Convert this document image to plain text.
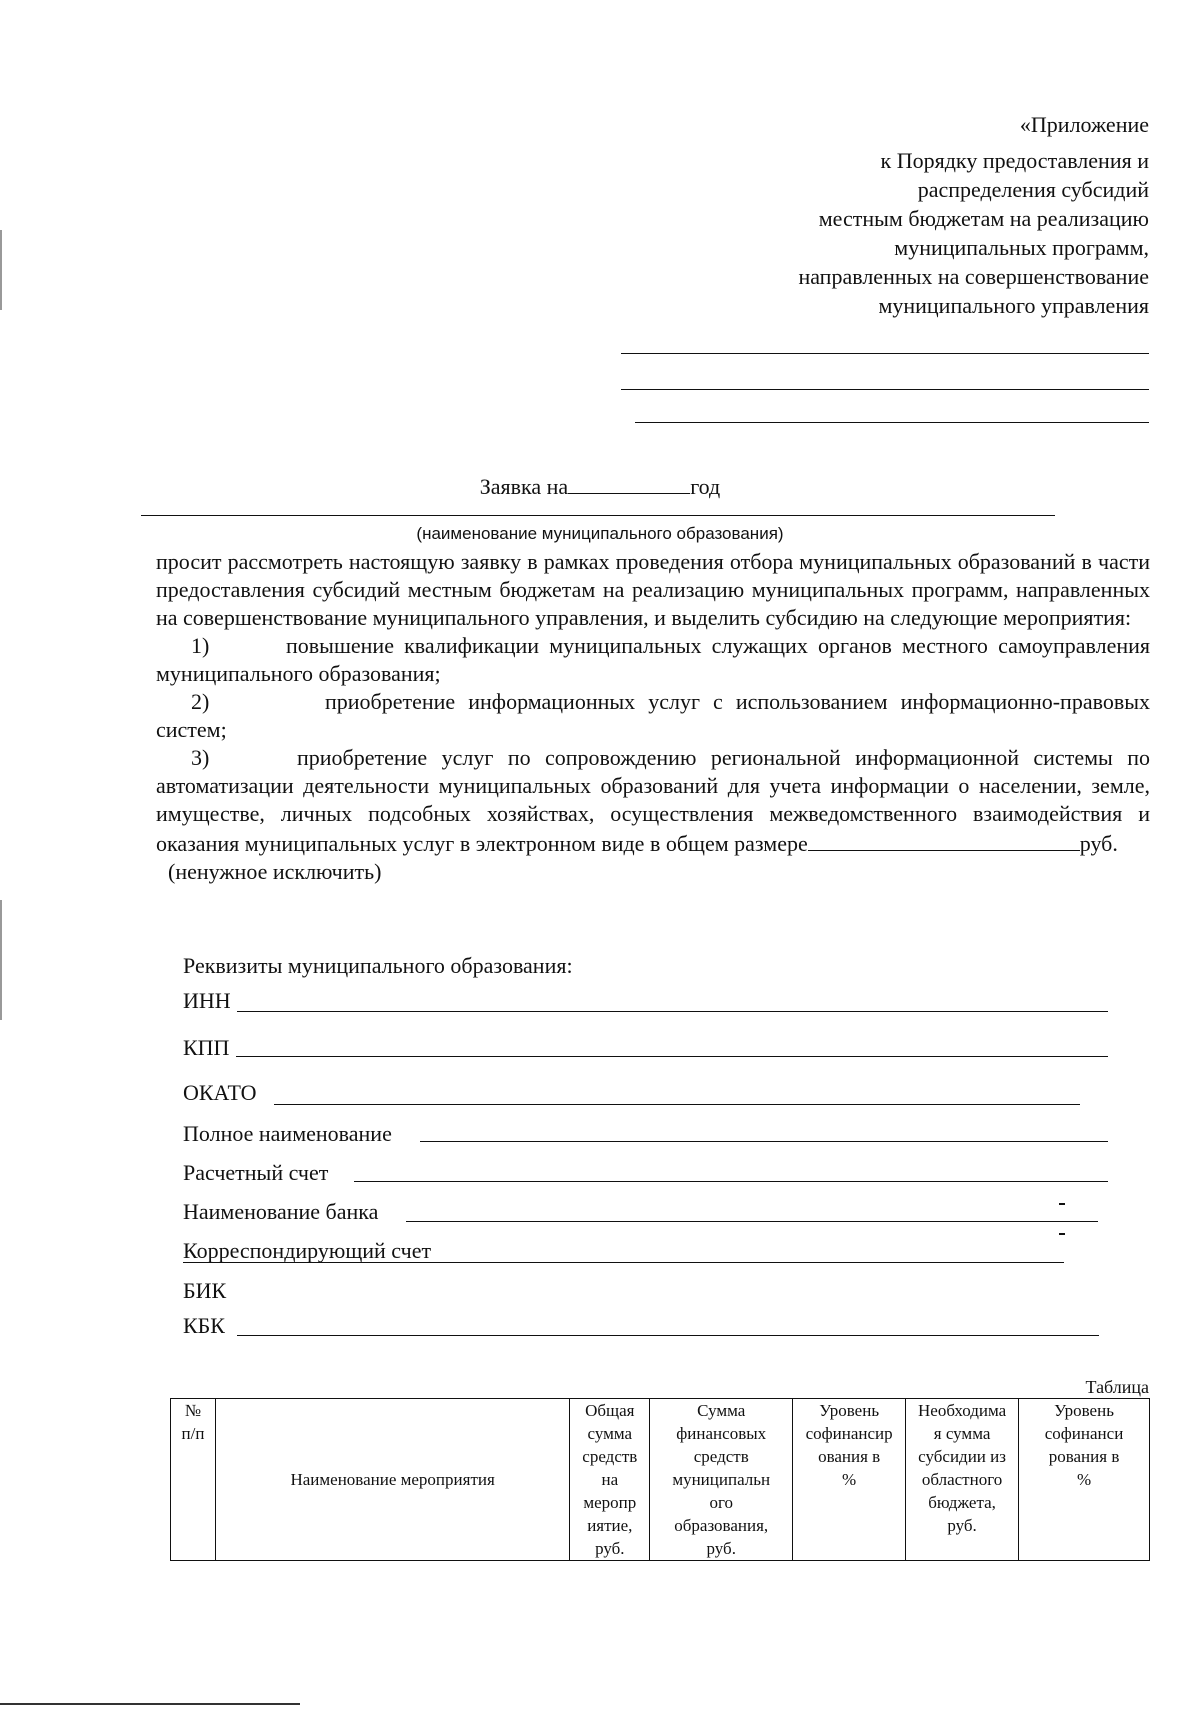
«Приложение
к Порядку предоставления и
распределения субсидий
местным бюджетам на реализацию
муниципальных программ,
направленных на совершенствование
муниципального управления
Заявка на	год
(наименование муниципального образования)

просит рассмотреть настоящую заявку в рамках проведения отбора муниципальных образований в части предоставления субсидий местным бюджетам на реализацию муниципальных программ, направленных на совершенствование муниципального управления, и выделить субсидию на следующие мероприятия:

1)	повышение квалификации муниципальных служащих органов местного самоуправления муниципального образования;

2)	приобретение информационных услуг с использованием информационно-правовых систем;

3)	приобретение услуг по сопровождению региональной информационной системы по автоматизации деятельности муниципальных образований для учета информации о населении, земле, имуществе, личных подсобных хозяйствах, осуществления межведомственного взаимодействия и оказания муниципальных услуг в электронном виде в общем размере	руб.

(ненужное исключить)

Реквизиты муниципального образования:
ИНН
КПП
ОКАТО
Полное наименование
Расчетный счет
Наименование банка
Корреспондирующий счет
БИК
КБК
Таблица
№
п/п

Наименование мероприятия

Общая
сумма
средств
на
меропр
иятие,
руб.

Сумма
финансовых
средств
муниципальн
ого
образования,
руб.

Уровень
софинансир
ования в
%

Необходима
я сумма
субсидии из
областного
бюджета,
руб.

Уровень
софинанси
рования в
%
